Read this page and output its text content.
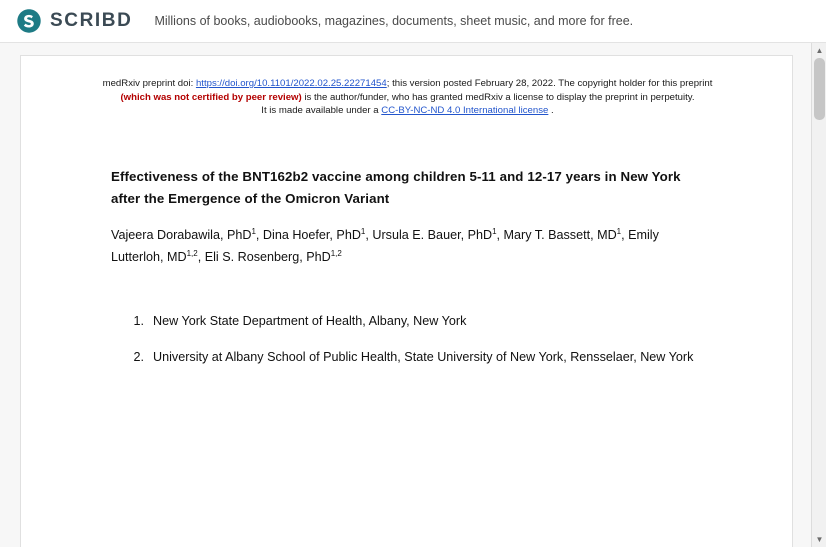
SCRIBD Millions of books, audiobooks, magazines, documents, sheet music, and more for free.
medRxiv preprint doi: https://doi.org/10.1101/2022.02.25.22271454; this version posted February 28, 2022. The copyright holder for this preprint
(which was not certified by peer review) is the author/funder, who has granted medRxiv a license to display the preprint in perpetuity.
It is made available under a CC-BY-NC-ND 4.0 International license .
Effectiveness of the BNT162b2 vaccine among children 5-11 and 12-17 years in New York after the Emergence of the Omicron Variant

Vajeera Dorabawila, PhD$^1$, Dina Hoefer, PhD$^1$, Ursula E. Bauer, PhD$^1$, Mary T. Bassett, $MD^1$, Emily Lutterloh, MD$^{1,2}$, Eli S. Rosenberg, PhD$^{1,2}$

New York State Department of Health, Albany, New York
University at Albany School of Public Health, State University of New York, Rensselaer, New York
▲
▼
